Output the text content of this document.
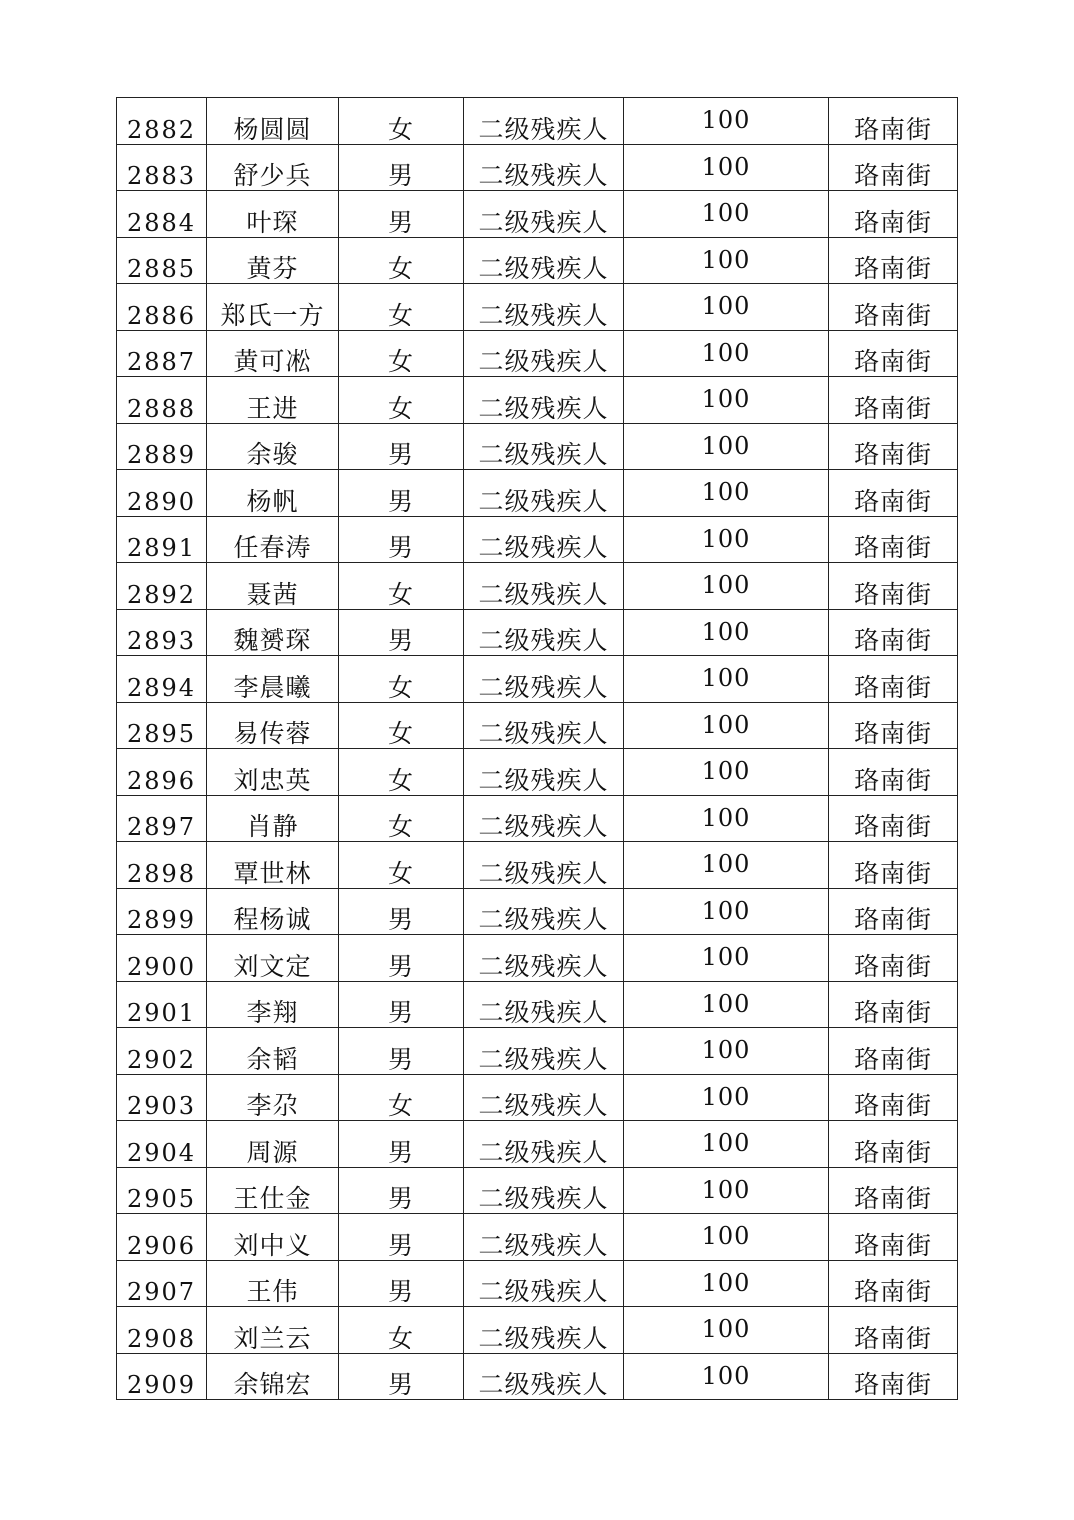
2882	杨圆圆	女	二级残疾人	100	珞南街
2883	舒少兵	男	二级残疾人	100	珞南街
2884	叶琛	男	二级残疾人	100	珞南街
2885	黄芬	女	二级残疾人	100	珞南街
2886	郑氏一方	女	二级残疾人	100	珞南街
2887	黄可凇	女	二级残疾人	100	珞南街
2888	王进	女	二级残疾人	100	珞南街
2889	余骏	男	二级残疾人	100	珞南街
2890	杨帆	男	二级残疾人	100	珞南街
2891	任春涛	男	二级残疾人	100	珞南街
2892	聂茜	女	二级残疾人	100	珞南街
2893	魏赟琛	男	二级残疾人	100	珞南街
2894	李晨曦	女	二级残疾人	100	珞南街
2895	易传蓉	女	二级残疾人	100	珞南街
2896	刘忠英	女	二级残疾人	100	珞南街
2897	肖静	女	二级残疾人	100	珞南街
2898	覃世林	女	二级残疾人	100	珞南街
2899	程杨诚	男	二级残疾人	100	珞南街
2900	刘文定	男	二级残疾人	100	珞南街
2901	李翔	男	二级残疾人	100	珞南街
2902	余韬	男	二级残疾人	100	珞南街
2903	李尕	女	二级残疾人	100	珞南街
2904	周源	男	二级残疾人	100	珞南街
2905	王仕金	男	二级残疾人	100	珞南街
2906	刘中义	男	二级残疾人	100	珞南街
2907	王伟	男	二级残疾人	100	珞南街
2908	刘兰云	女	二级残疾人	100	珞南街
2909	余锦宏	男	二级残疾人	100	珞南街
